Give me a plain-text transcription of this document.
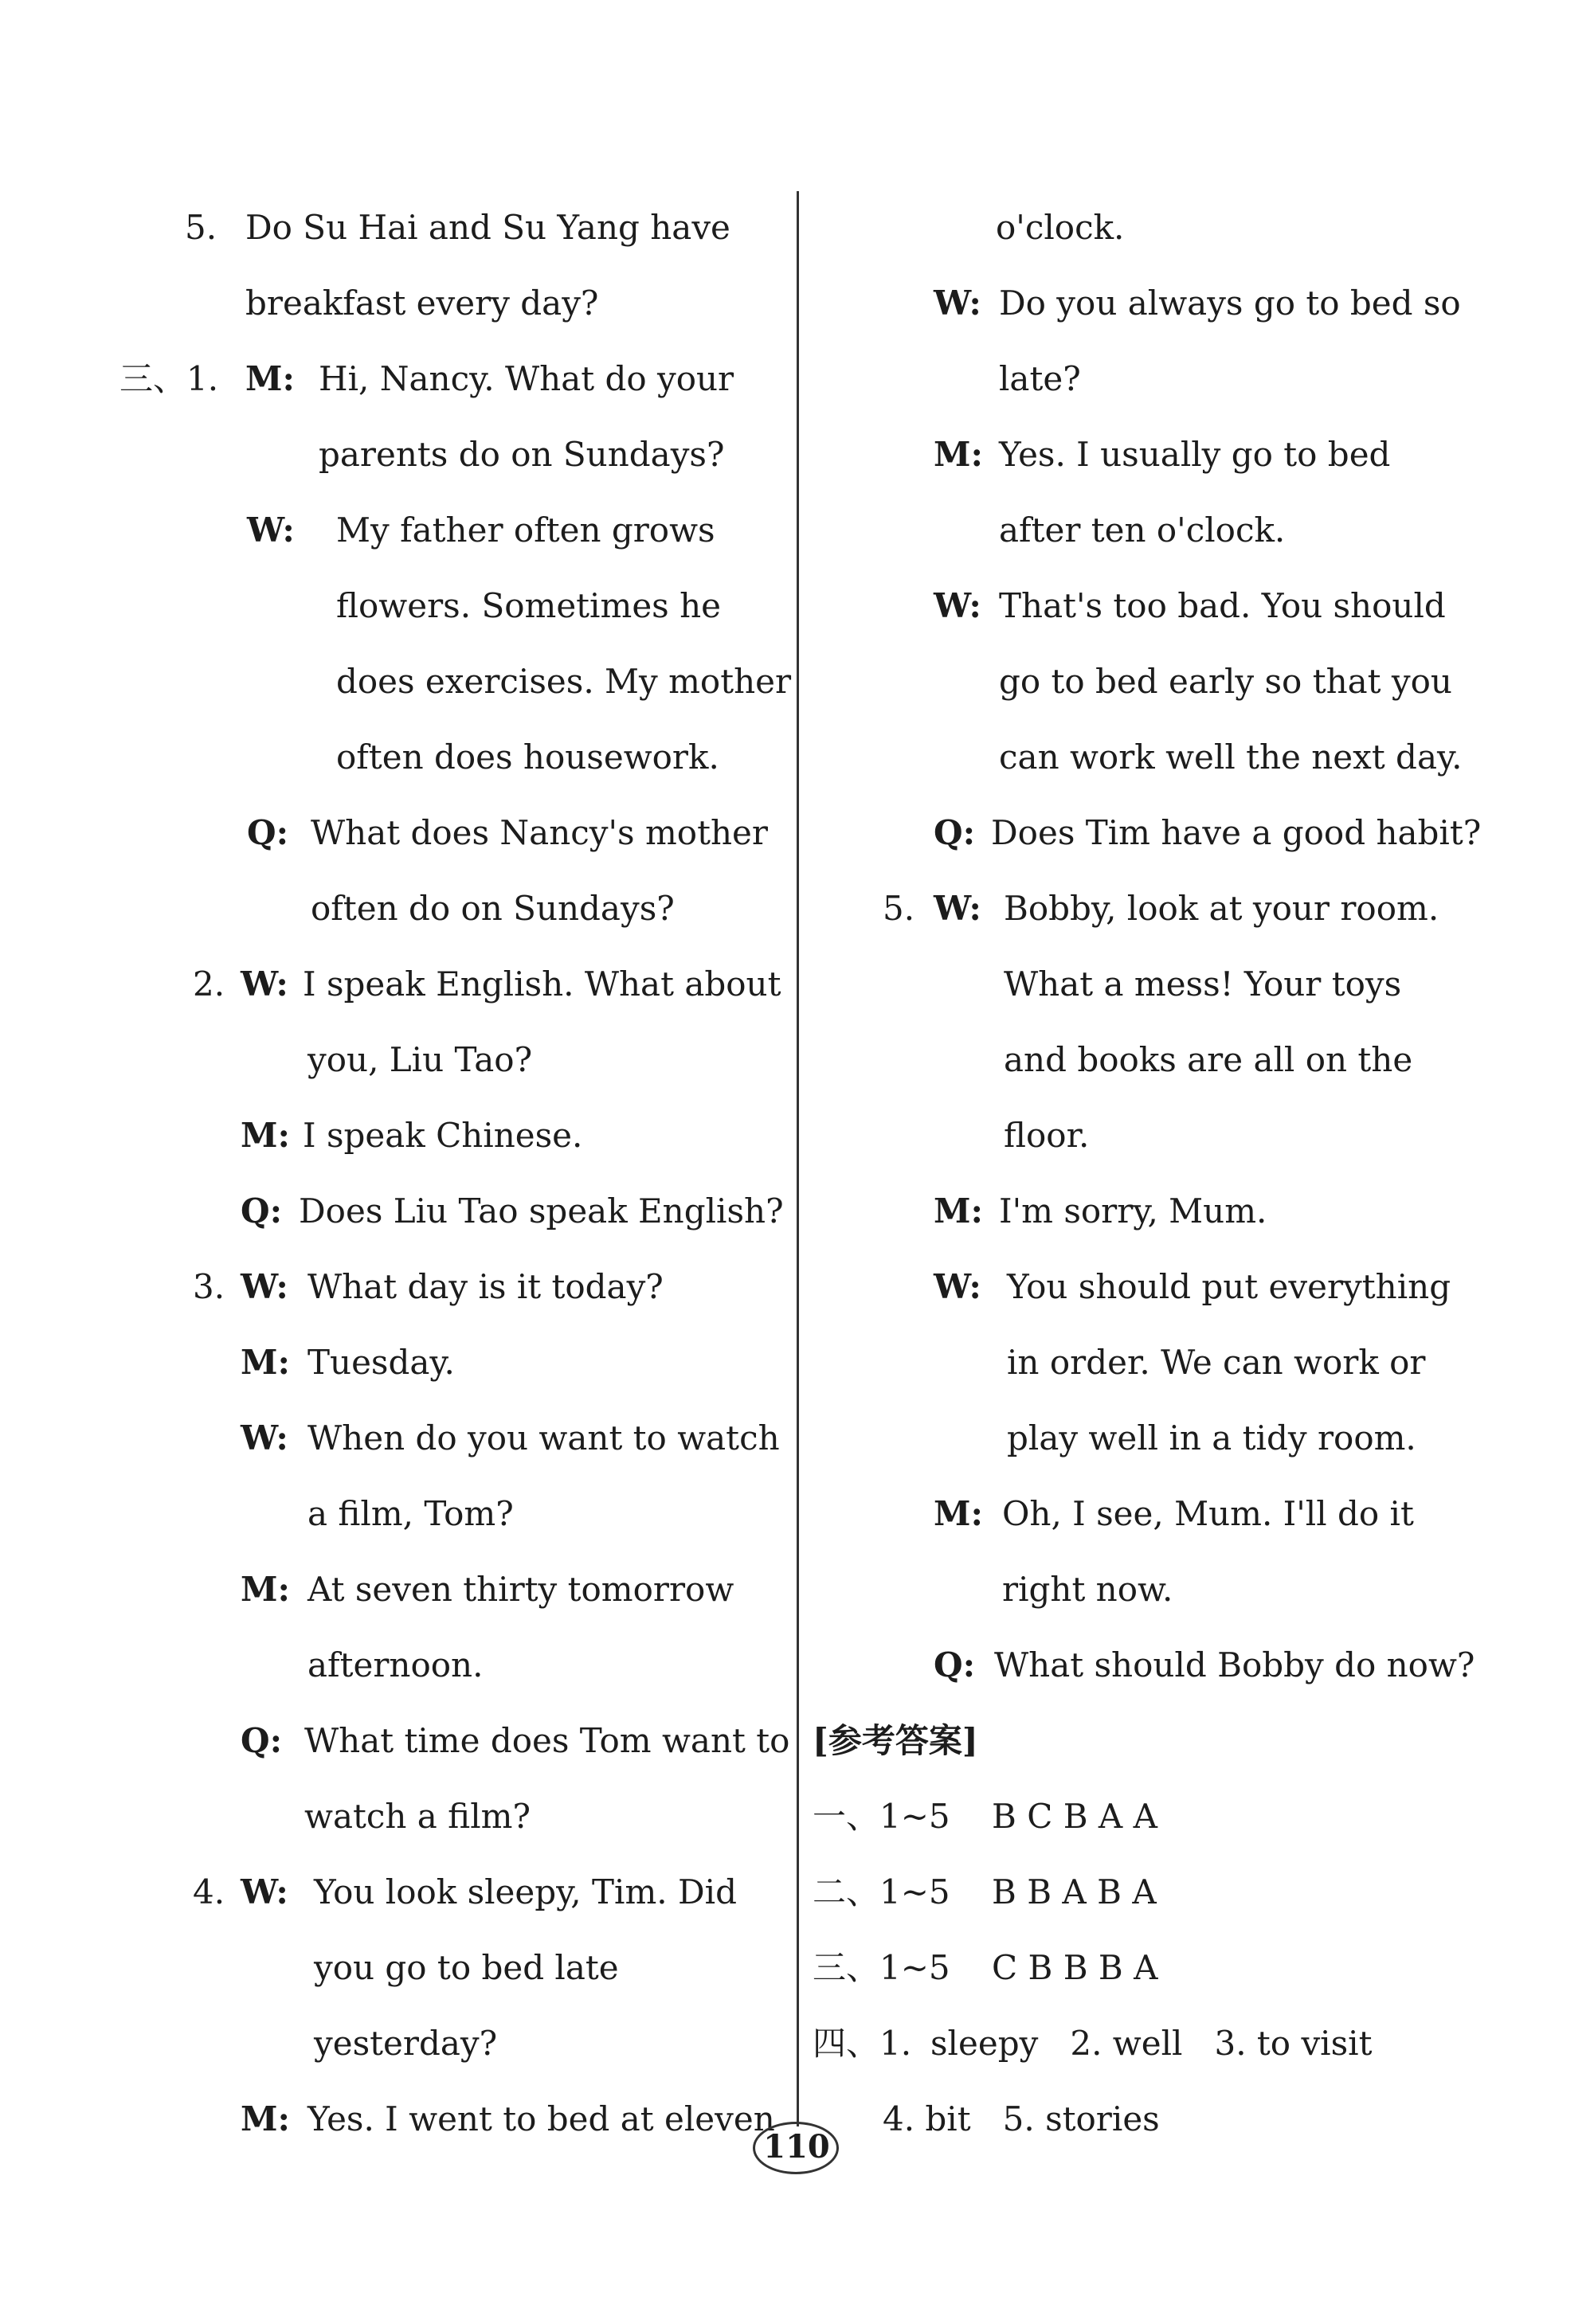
5. Do Su Hai and Su Yang have
breakfast every day?
三、1. M: Hi, Nancy. What do your
parents do on Sundays?
W: My father often grows
flowers. Sometimes he
does exercises. My mother
often does housework.
Q: What does Nancy's mother
often do on Sundays?
2. W: I speak English. What about
you, Liu Tao?
M: I speak Chinese.
Q: Does Liu Tao speak English?
3. W: What day is it today?
M: Tuesday.
W: When do you want to watch
a film, Tom?
M: At seven thirty tomorrow
afternoon.
Q: What time does Tom want to
watch a film?
4. W: You look sleepy, Tim. Did
you go to bed late
yesterday?
M: Yes. I went to bed at eleven
o'clock.
W: Do you always go to bed so
late?
M: Yes. I usually go to bed
after ten o'clock.
W: That's too bad. You should
go to bed early so that you
can work well the next day.
Q: Does Tim have a good habit?
5. W: Bobby, look at your room.
What a mess! Your toys
and books are all on the
floor.
M: I'm sorry, Mum.
W: You should put everything
in order. We can work or
play well in a tidy room.
M: Oh, I see, Mum. I'll do it
right now.
Q: What should Bobby do now?
[参考答案]
一、1~5 B C B A A
二、1~5 B B A B A
三、1~5 C B B B A
四、1. sleepy   2. well   3. to visit
4. bit   5. stories
110
